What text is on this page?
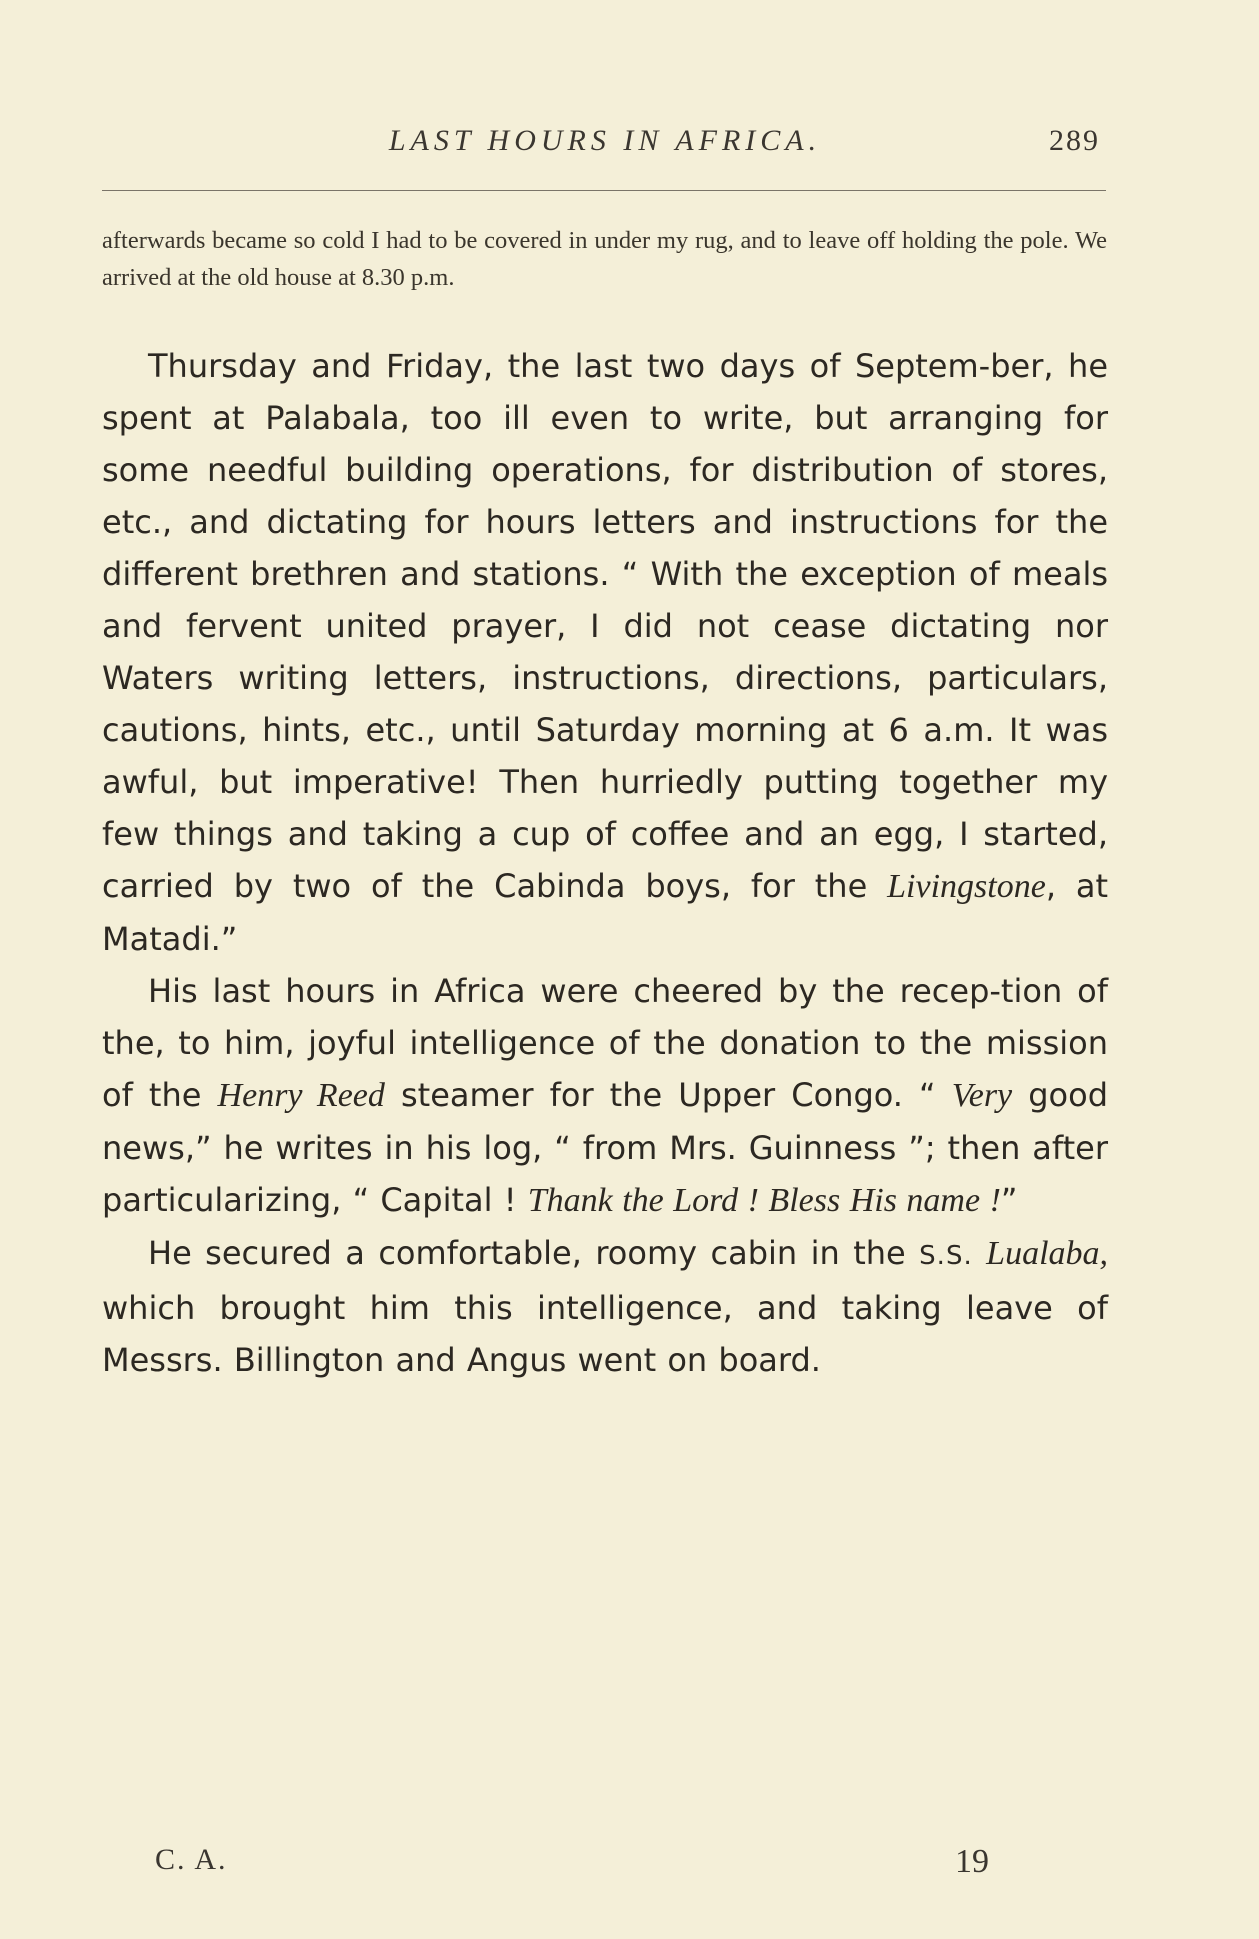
LAST HOURS IN AFRICA.	289

afterwards became so cold I had to be covered in under my rug, and to leave off holding the pole. We arrived at the old house at 8.30 p.m.

Thursday and Friday, the last two days of Septem-ber, he spent at Palabala, too ill even to write, but arranging for some needful building operations, for distribution of stores, etc., and dictating for hours letters and instructions for the different brethren and stations. “ With the exception of meals and fervent united prayer, I did not cease dictating nor Waters writing letters, instructions, directions, particulars, cautions, hints, etc., until Saturday morning at 6 a.m. It was awful, but imperative! Then hurriedly putting together my few things and taking a cup of coffee and an egg, I started, carried by two of the Cabinda boys, for the Livingstone, at Matadi.”

His last hours in Africa were cheered by the recep-tion of the, to him, joyful intelligence of the donation to the mission of the Henry Reed steamer for the Upper Congo. “ Very good news,” he writes in his log, “ from Mrs. Guinness ”; then after particularizing, “ Capital ! Thank the Lord ! Bless His name !”

He secured a comfortable, roomy cabin in the S.S. Lualaba, which brought him this intelligence, and taking leave of Messrs. Billington and Angus went on board.

C. A.	19
